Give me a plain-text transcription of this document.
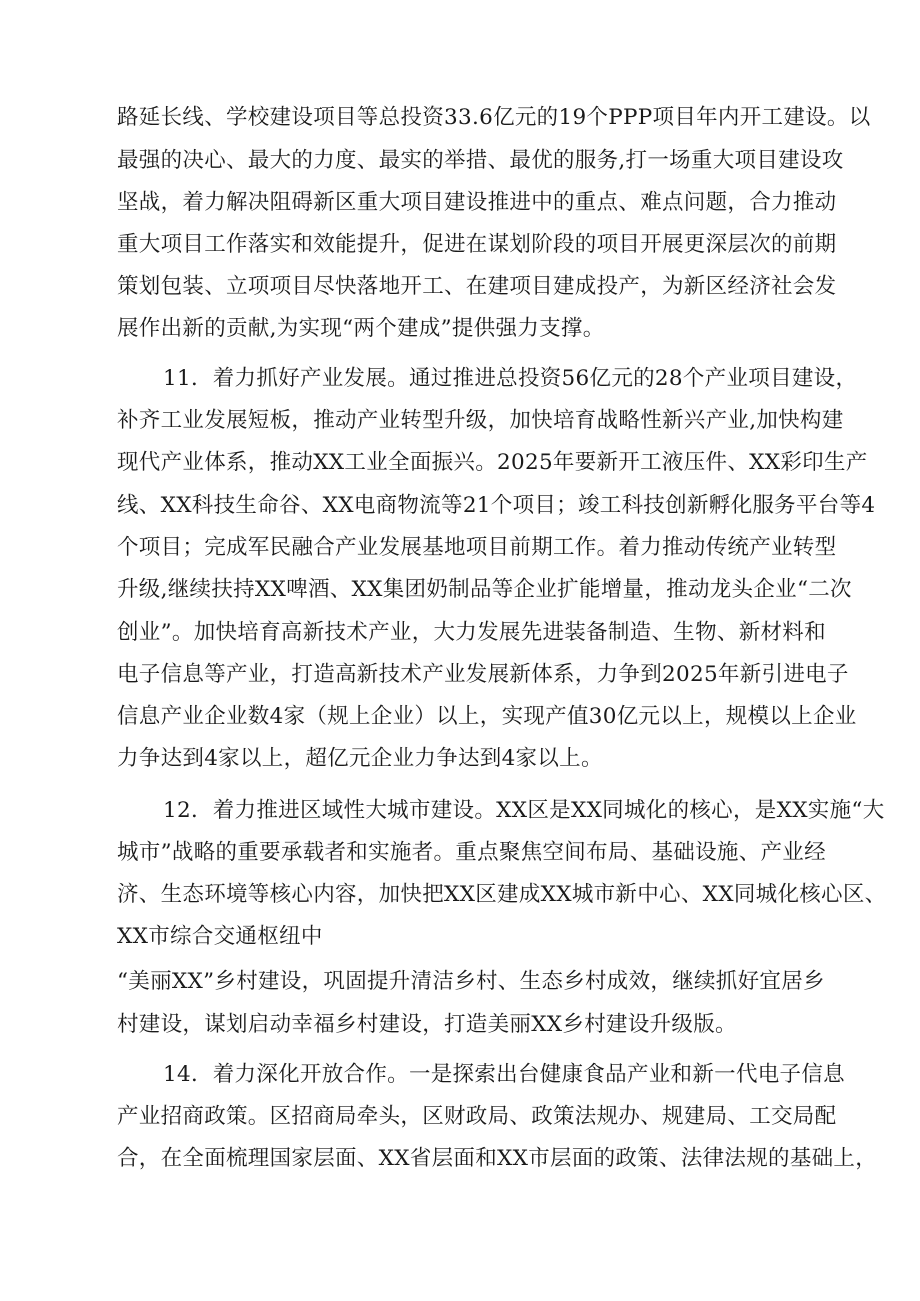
路延长线、学校建设项目等总投资33.6亿元的19个PPP项目年内开工建设。以
最强的决心、最大的力度、最实的举措、最优的服务,打一场重大项目建设攻
坚战，着力解决阻碍新区重大项目建设推进中的重点、难点问题，合力推动
重大项目工作落实和效能提升，促进在谋划阶段的项目开展更深层次的前期
策划包装、立项项目尽快落地开工、在建项目建成投产，为新区经济社会发
展作出新的贡献,为实现“两个建成”提供强力支撑。
11．着力抓好产业发展。通过推进总投资56亿元的28个产业项目建设，
补齐工业发展短板，推动产业转型升级，加快培育战略性新兴产业,加快构建
现代产业体系，推动XX工业全面振兴。2025年要新开工液压件、XX彩印生产
线、XX科技生命谷、XX电商物流等21个项目；竣工科技创新孵化服务平台等4
个项目；完成军民融合产业发展基地项目前期工作。着力推动传统产业转型
升级,继续扶持XX啤酒、XX集团奶制品等企业扩能增量，推动龙头企业“二次
创业”。加快培育高新技术产业，大力发展先进装备制造、生物、新材料和
电子信息等产业，打造高新技术产业发展新体系，力争到2025年新引进电子
信息产业企业数4家（规上企业）以上，实现产值30亿元以上，规模以上企业
力争达到4家以上，超亿元企业力争达到4家以上。
12．着力推进区域性大城市建设。XX区是XX同城化的核心，是XX实施“大
城市”战略的重要承载者和实施者。重点聚焦空间布局、基础设施、产业经
济、生态环境等核心内容，加快把XX区建成XX城市新中心、XX同城化核心区、
XX市综合交通枢纽中
“美丽XX”乡村建设，巩固提升清洁乡村、生态乡村成效，继续抓好宜居乡
村建设，谋划启动幸福乡村建设，打造美丽XX乡村建设升级版。
14．着力深化开放合作。一是探索出台健康食品产业和新一代电子信息
产业招商政策。区招商局牵头，区财政局、政策法规办、规建局、工交局配
合，在全面梳理国家层面、XX省层面和XX市层面的政策、法律法规的基础上，
